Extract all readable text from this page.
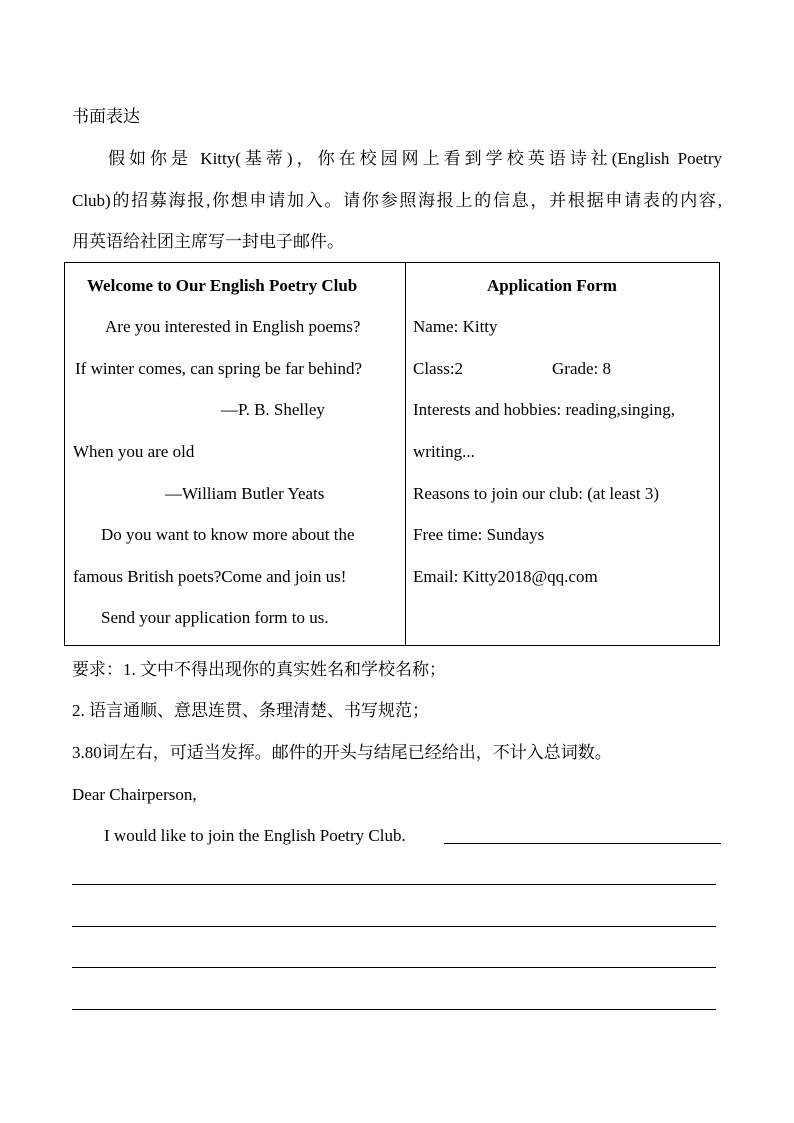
书面表达
假如你是 Kitty(基蒂)，你在校园网上看到学校英语诗社(English Poetry
Club)的招募海报,你想申请加入。请你参照海报上的信息，并根据申请表的内容,
用英语给社团主席写一封电子邮件。
Welcome to Our English Poetry Club
Are you interested in English poems?
If winter comes, can spring be far behind?
—P. B. Shelley
When you are old
—William Butler Yeats
Do you want to know more about the
famous British poets?Come and join us!
Send your application form to us.
Application Form
Name: Kitty
Class:2	Grade: 8
Interests and hobbies: reading,singing,
writing...
Reasons to join our club: (at least 3)
Free time: Sundays
Email: Kitty2018@qq.com
要求：1. 文中不得出现你的真实姓名和学校名称；
2. 语言通顺、意思连贯、条理清楚、书写规范；
3.80词左右，可适当发挥。邮件的开头与结尾已经给出，不计入总词数。
Dear Chairperson,
I would like to join the English Poetry Club.
